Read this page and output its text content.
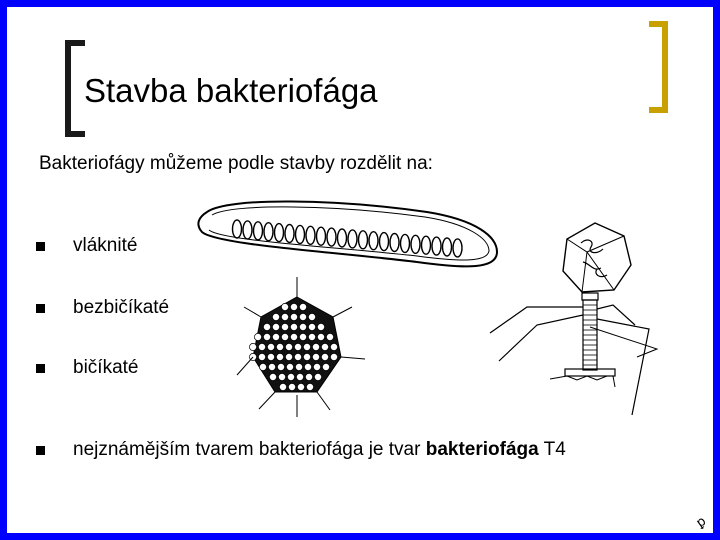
Stavba bakteriofága
Bakteriofágy můžeme podle stavby rozdělit na:
vláknité
bezbičíkaté
bičíkaté
nejznámějším tvarem bakteriofága je tvar bakteriofága T4
ꝑ
